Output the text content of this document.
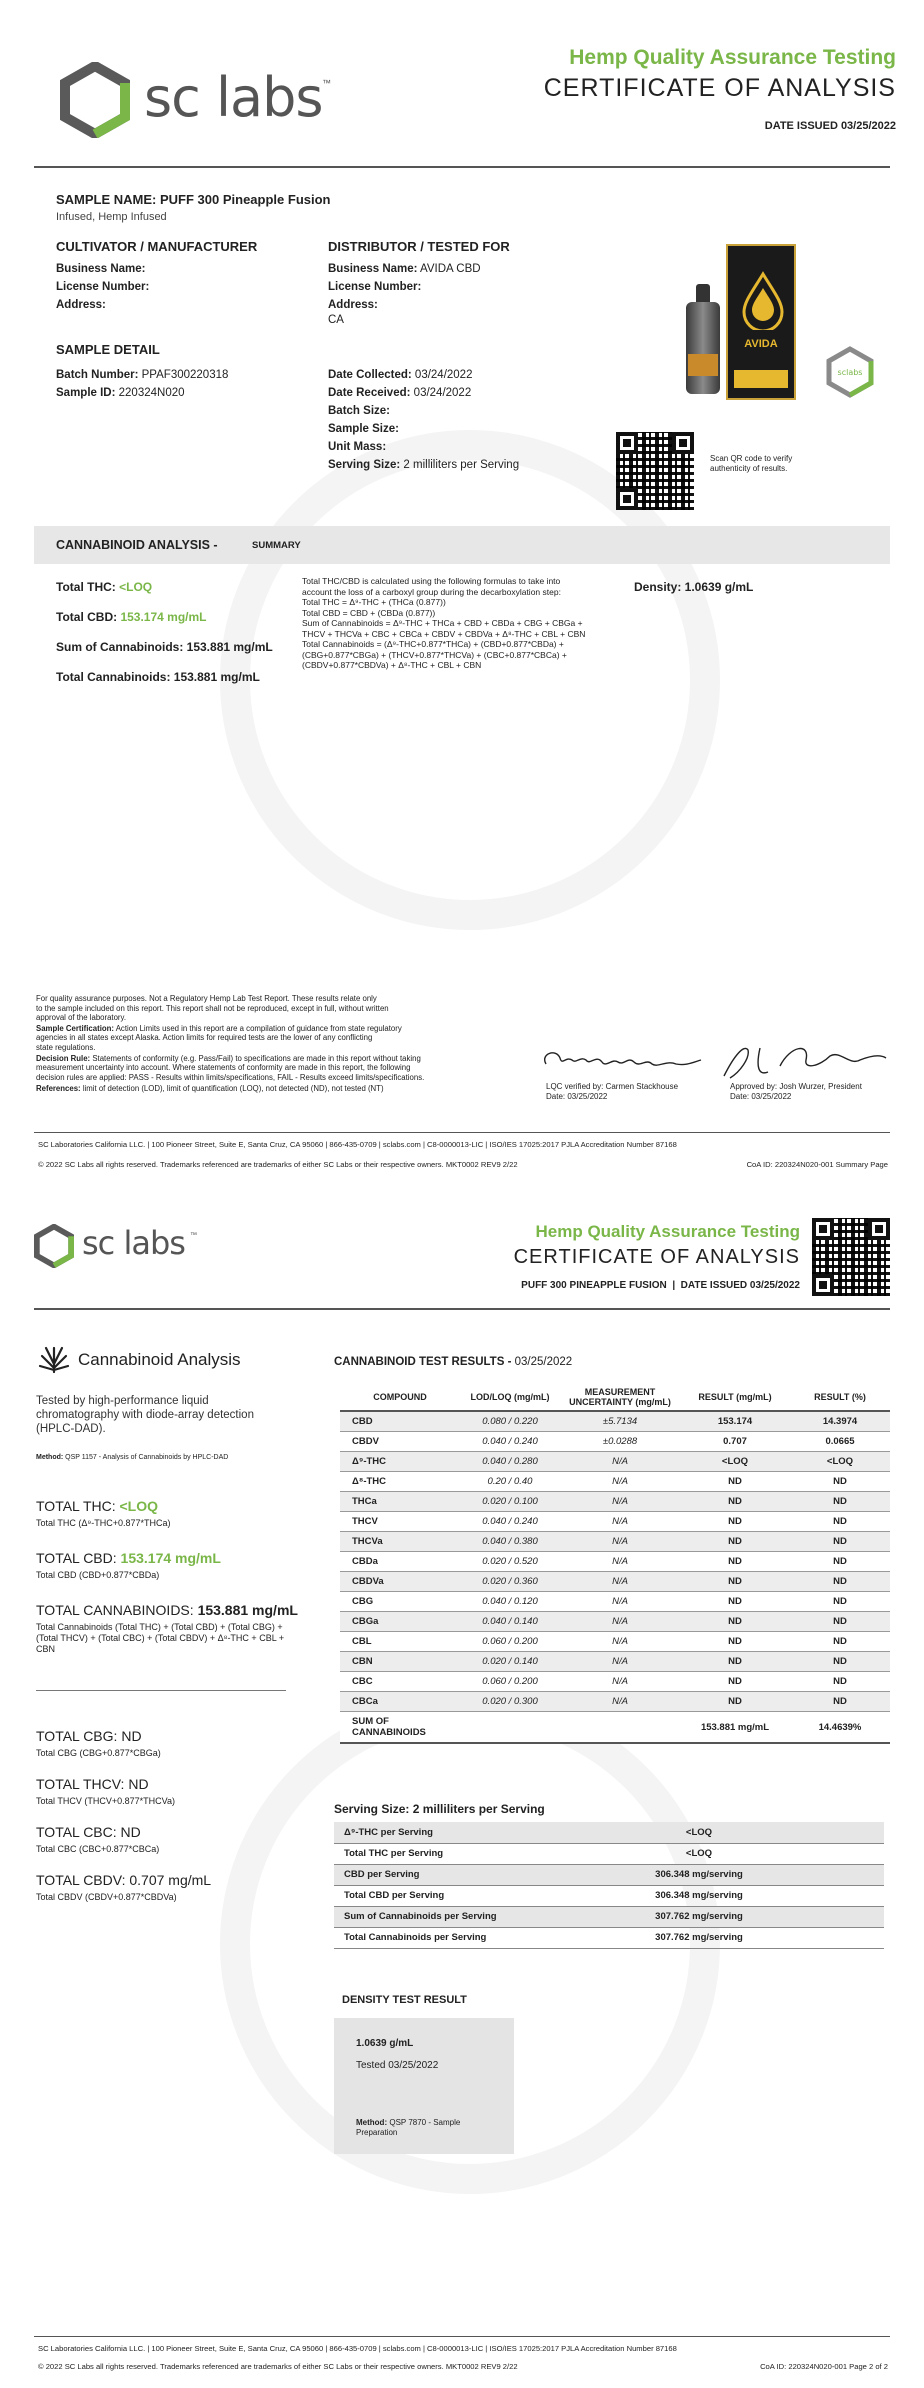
sc labs ™
Hemp Quality Assurance Testing
CERTIFICATE OF ANALYSIS
DATE ISSUED 03/25/2022
SAMPLE NAME: PUFF 300 Pineapple Fusion
Infused, Hemp Infused
CULTIVATOR / MANUFACTURER
Business Name:
License Number:
Address:
DISTRIBUTOR / TESTED FOR
Business Name: AVIDA CBD
License Number:
Address:
CA
SAMPLE DETAIL
Batch Number: PPAF300220318
Sample ID: 220324N020
Date Collected: 03/24/2022
Date Received: 03/24/2022
Batch Size:
Sample Size:
Unit Mass:
Serving Size: 2 milliliters per Serving
AVIDA
sclabs
Scan QR code to verify authenticity of results.
CANNABINOID ANALYSIS -	SUMMARY
Total THC: <LOQ
Total CBD: 153.174 mg/mL
Sum of Cannabinoids: 153.881 mg/mL
Total Cannabinoids: 153.881 mg/mL
Total THC/CBD is calculated using the following formulas to take into
account the loss of a carboxyl group during the decarboxylation step:
Total THC = Δ⁹-THC + (THCa (0.877))
Total CBD = CBD + (CBDa (0.877))
Sum of Cannabinoids = Δ⁹-THC + THCa + CBD + CBDa + CBG + CBGa +
THCV + THCVa + CBC + CBCa + CBDV + CBDVa + Δ⁸-THC + CBL + CBN
Total Cannabinoids = (Δ⁹-THC+0.877*THCa) + (CBD+0.877*CBDa) +
(CBG+0.877*CBGa) + (THCV+0.877*THCVa) + (CBC+0.877*CBCa) +
(CBDV+0.877*CBDVa) + Δ⁸-THC + CBL + CBN
Density: 1.0639 g/mL
For quality assurance purposes. Not a Regulatory Hemp Lab Test Report. These results relate only
to the sample included on this report. This report shall not be reproduced, except in full, without written
approval of the laboratory.
Sample Certification: Action Limits used in this report are a compilation of guidance from state regulatory
agencies in all states except Alaska. Action limits for required tests are the lower of any conflicting
state regulations.
Decision Rule: Statements of conformity (e.g. Pass/Fail) to specifications are made in this report without taking
measurement uncertainty into account. Where statements of conformity are made in this report, the following
decision rules are applied: PASS - Results within limits/specifications, FAIL - Results exceed limits/specifications.
References: limit of detection (LOD), limit of quantification (LOQ), not detected (ND), not tested (NT)	LQC verified by: Carmen Stackhouse
Date: 03/25/2022
Approved by: Josh Wurzer, President
Date: 03/25/2022
SC Laboratories California LLC. | 100 Pioneer Street, Suite E, Santa Cruz, CA 95060 | 866-435-0709 | sclabs.com | C8-0000013-LIC | ISO/IES 17025:2017 PJLA Accreditation Number 87168
© 2022 SC Labs all rights reserved. Trademarks referenced are trademarks of either SC Labs or their respective owners. MKT0002 REV9 2/22	CoA ID: 220324N020-001 Summary Page
sc labs ™	Hemp Quality Assurance Testing
CERTIFICATE OF ANALYSIS
PUFF 300 PINEAPPLE FUSION  |  DATE ISSUED 03/25/2022
Cannabinoid Analysis
Tested by high-performance liquid
chromatography with diode-array detection
(HPLC-DAD).
Method: QSP 1157 - Analysis of Cannabinoids by HPLC-DAD
TOTAL THC: <LOQ
Total THC (Δ⁹-THC+0.877*THCa)
TOTAL CBD: 153.174 mg/mL
Total CBD (CBD+0.877*CBDa)
TOTAL CANNABINOIDS: 153.881 mg/mL
Total Cannabinoids (Total THC) + (Total CBD) + (Total CBG) + (Total THCV) + (Total CBC) + (Total CBDV) + Δ⁸-THC + CBL + CBN
TOTAL CBG: ND
Total CBG (CBG+0.877*CBGa)
TOTAL THCV: ND
Total THCV (THCV+0.877*THCVa)
TOTAL CBC: ND
Total CBC (CBC+0.877*CBCa)
TOTAL CBDV: 0.707 mg/mL
Total CBDV (CBDV+0.877*CBDVa)
CANNABINOID TEST RESULTS - 03/25/2022
COMPOUND	LOD/LOQ (mg/mL)	MEASUREMENT UNCERTAINTY (mg/mL)	RESULT (mg/mL)	RESULT (%)
CBD	0.080 / 0.220	±5.7134	153.174	14.3974
CBDV	0.040 / 0.240	±0.0288	0.707	0.0665
Δ⁹-THC	0.040 / 0.280	N/A	<LOQ	<LOQ
Δ⁸-THC	0.20 / 0.40	N/A	ND	ND
THCa	0.020 / 0.100	N/A	ND	ND
THCV	0.040 / 0.240	N/A	ND	ND
THCVa	0.040 / 0.380	N/A	ND	ND
CBDa	0.020 / 0.520	N/A	ND	ND
CBDVa	0.020 / 0.360	N/A	ND	ND
CBG	0.040 / 0.120	N/A	ND	ND
CBGa	0.040 / 0.140	N/A	ND	ND
CBL	0.060 / 0.200	N/A	ND	ND
CBN	0.020 / 0.140	N/A	ND	ND
CBC	0.060 / 0.200	N/A	ND	ND
CBCa	0.020 / 0.300	N/A	ND	ND
SUM OF CANNABINOIDS			153.881 mg/mL	14.4639%
Serving Size: 2 milliliters per Serving
Δ⁹-THC per Serving	<LOQ
Total THC per Serving	<LOQ
CBD per Serving	306.348 mg/serving
Total CBD per Serving	306.348 mg/serving
Sum of Cannabinoids per Serving	307.762 mg/serving
Total Cannabinoids per Serving	307.762 mg/serving
DENSITY TEST RESULT
1.0639 g/mL
Tested 03/25/2022
Method: QSP 7870 - Sample Preparation
SC Laboratories California LLC. | 100 Pioneer Street, Suite E, Santa Cruz, CA 95060 | 866-435-0709 | sclabs.com | C8-0000013-LIC | ISO/IES 17025:2017 PJLA Accreditation Number 87168
© 2022 SC Labs all rights reserved. Trademarks referenced are trademarks of either SC Labs or their respective owners. MKT0002 REV9 2/22	CoA ID: 220324N020-001 Page 2 of 2
